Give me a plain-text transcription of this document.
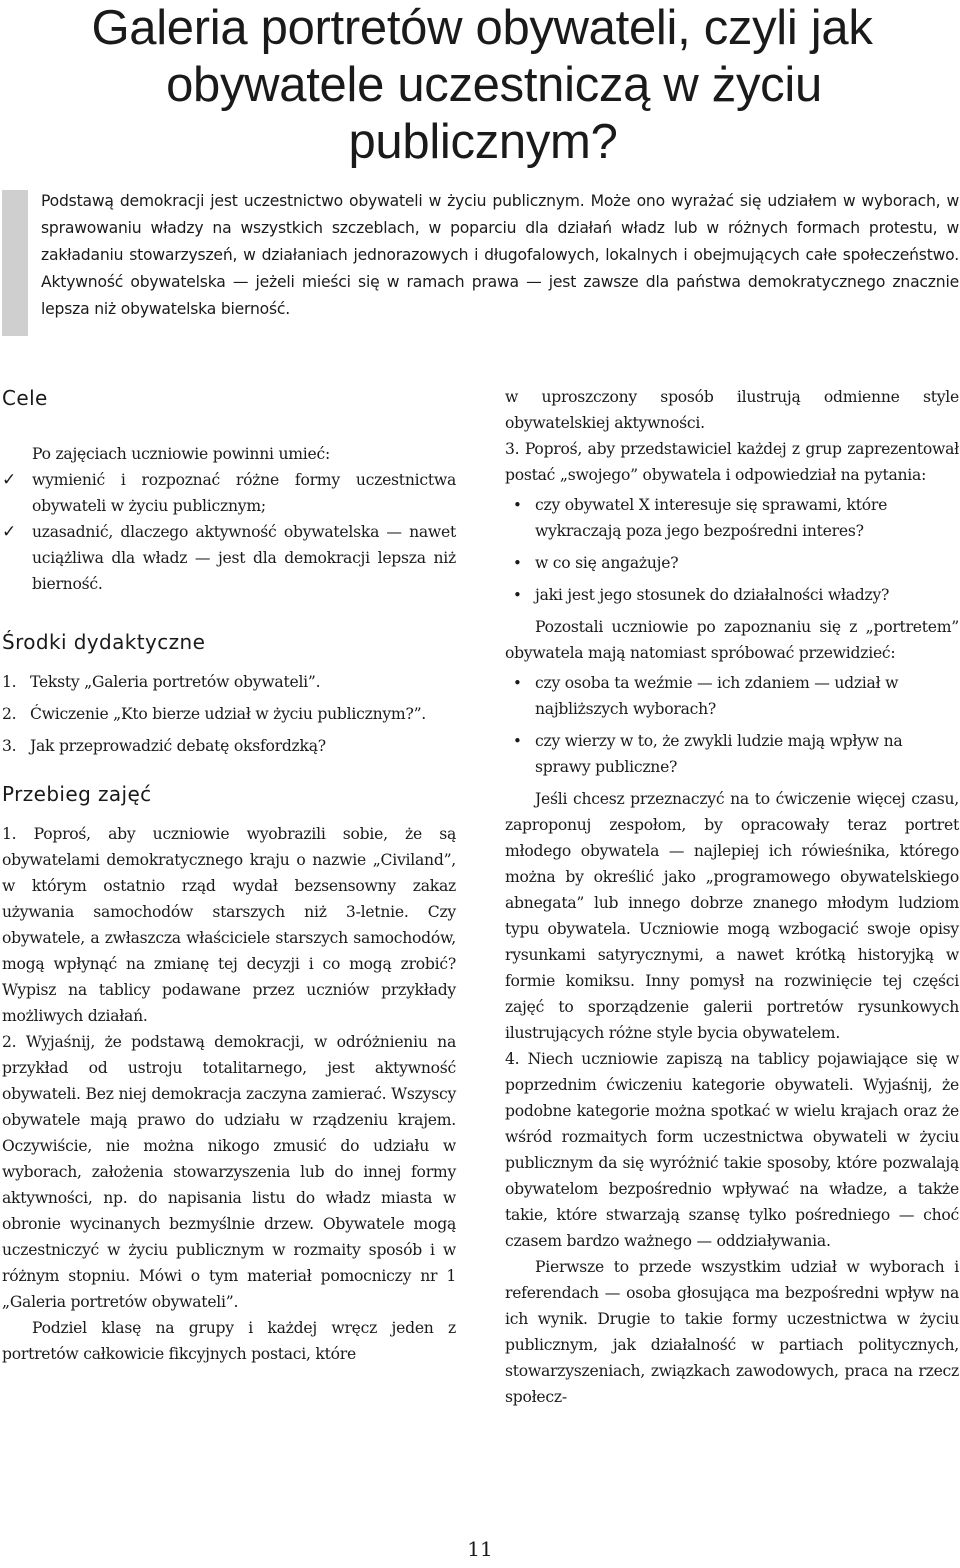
Galeria portretów obywateli, czyli jak
obywatele uczestniczą w życiu
publicznym?

Podstawą demokracji jest uczestnictwo obywateli w życiu publicznym. Może ono wyrażać się udziałem w wyborach, w sprawowaniu władzy na wszystkich szczeblach, w poparciu dla działań władz lub w różnych formach protestu, w zakładaniu stowarzyszeń, w działaniach jednorazowych i długofalowych, lokalnych i obejmujących całe społeczeństwo. Aktywność obywatelska — jeżeli mieści się w ramach prawa — jest zawsze dla państwa demokratycznego znacznie lepsza niż obywatelska bierność.

Cele

Po zajęciach uczniowie powinni umieć:

✓ wymienić i rozpoznać różne formy uczestnictwa obywateli w życiu publicznym;
✓ uzasadnić, dlaczego aktywność obywatelska — nawet uciążliwa dla władz — jest dla demokracji lepsza niż bierność.
Środki dydaktyczne
1. Teksty „Galeria portretów obywateli”.
2. Ćwiczenie „Kto bierze udział w życiu publicznym?”.
3. Jak przeprowadzić debatę oksfordzką?
Przebieg zajęć

1. Poproś, aby uczniowie wyobrazili sobie, że są obywatelami demokratycznego kraju o nazwie „Civiland”, w którym ostatnio rząd wydał bezsensowny zakaz używania samochodów starszych niż 3-letnie. Czy obywatele, a zwłaszcza właściciele starszych samochodów, mogą wpłynąć na zmianę tej decyzji i co mogą zrobić? Wypisz na tablicy podawane przez uczniów przykłady możliwych działań.

2. Wyjaśnij, że podstawą demokracji, w odróżnieniu na przykład od ustroju totalitarnego, jest aktywność obywateli. Bez niej demokracja zaczyna zamierać. Wszyscy obywatele mają prawo do udziału w rządzeniu krajem. Oczywiście, nie można nikogo zmusić do udziału w wyborach, założenia stowarzyszenia lub do innej formy aktywności, np. do napisania listu do władz miasta w obronie wycinanych bezmyślnie drzew. Obywatele mogą uczestniczyć w życiu publicznym w rozmaity sposób i w różnym stopniu. Mówi o tym materiał pomocniczy nr 1 „Galeria portretów obywateli”.

Podziel klasę na grupy i każdej wręcz jeden z portretów całkowicie fikcyjnych postaci, które

w uproszczony sposób ilustrują odmienne style obywatelskiej aktywności.

3. Poproś, aby przedstawiciel każdej z grup zaprezentował postać „swojego” obywatela i odpowiedział na pytania:

• czy obywatel X interesuje się sprawami, które wykraczają poza jego bezpośredni interes?
• w co się angażuje?
• jaki jest jego stosunek do działalności władzy?

Pozostali uczniowie po zapoznaniu się z „portretem” obywatela mają natomiast spróbować przewidzieć:

• czy osoba ta weźmie — ich zdaniem — udział w najbliższych wyborach?
• czy wierzy w to, że zwykli ludzie mają wpływ na sprawy publiczne?

Jeśli chcesz przeznaczyć na to ćwiczenie więcej czasu, zaproponuj zespołom, by opracowały teraz portret młodego obywatela — najlepiej ich rówieśnika, którego można by określić jako „programowego obywatelskiego abnegata” lub innego dobrze znanego młodym ludziom typu obywatela. Uczniowie mogą wzbogacić swoje opisy rysunkami satyrycznymi, a nawet krótką historyjką w formie komiksu. Inny pomysł na rozwinięcie tej części zajęć to sporządzenie galerii portretów rysunkowych ilustrujących różne style bycia obywatelem.

4. Niech uczniowie zapiszą na tablicy pojawiające się w poprzednim ćwiczeniu kategorie obywateli. Wyjaśnij, że podobne kategorie można spotkać w wielu krajach oraz że wśród rozmaitych form uczestnictwa obywateli w życiu publicznym da się wyróżnić takie sposoby, które pozwalają obywatelom bezpośrednio wpływać na władze, a także takie, które stwarzają szansę tylko pośredniego — choć czasem bardzo ważnego — oddziaływania.

Pierwsze to przede wszystkim udział w wyborach i referendach — osoba głosująca ma bezpośredni wpływ na ich wynik. Drugie to takie formy uczestnictwa w życiu publicznym, jak działalność w partiach politycznych, stowarzyszeniach, związkach zawodowych, praca na rzecz społecz-

11
